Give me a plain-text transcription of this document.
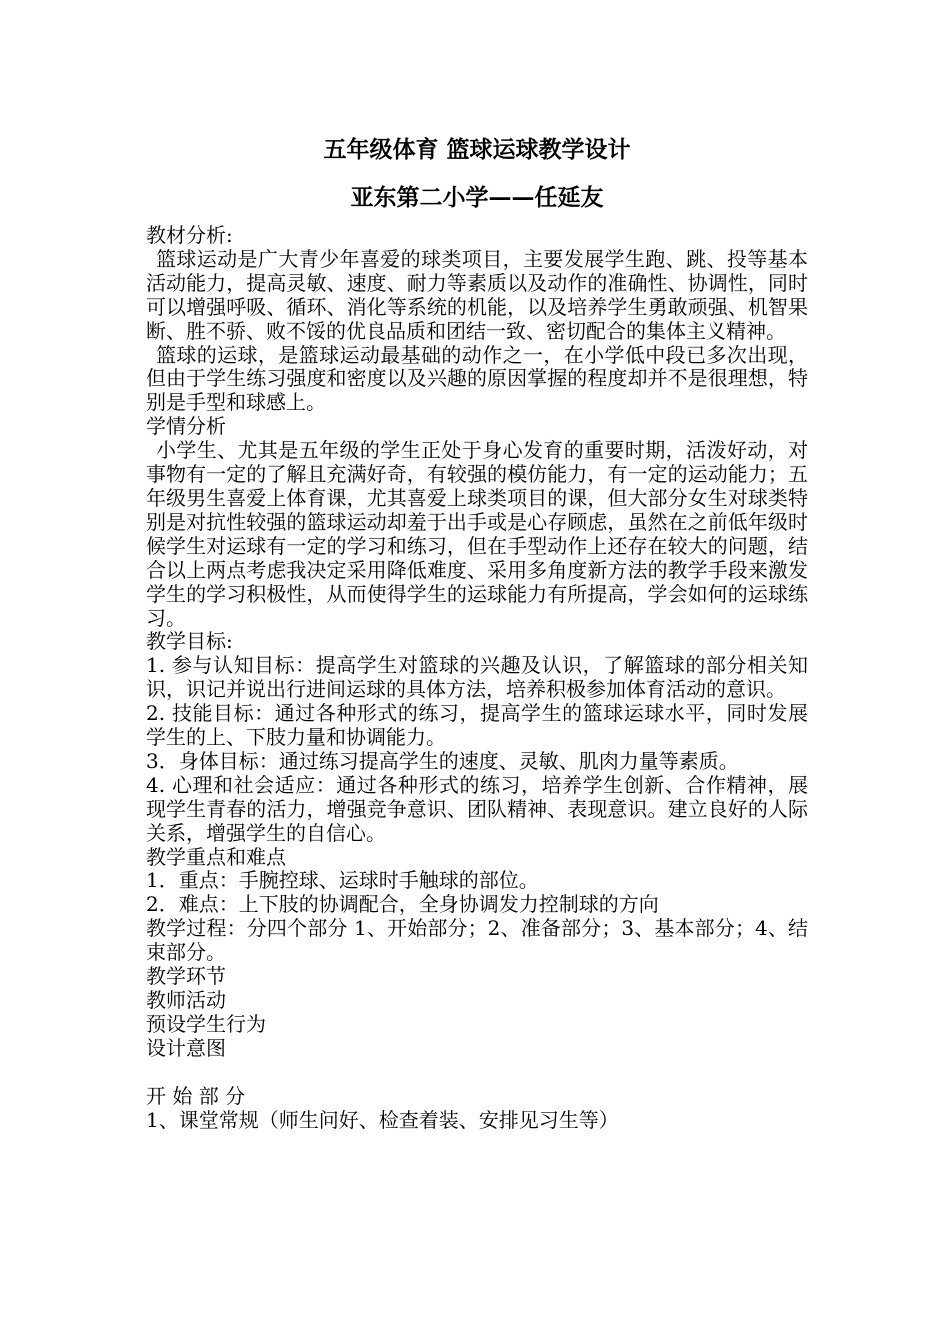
五年级体育 篮球运球教学设计
亚东第二小学——任延友

教材分析:

篮球运动是广大青少年喜爱的球类项目，主要发展学生跑、跳、投等基本活动能力，提高灵敏、速度、耐力等素质以及动作的准确性、协调性，同时可以增强呼吸、循环、消化等系统的机能，以及培养学生勇敢顽强、机智果断、胜不骄、败不馁的优良品质和团结一致、密切配合的集体主义精神。

篮球的运球，是篮球运动最基础的动作之一，在小学低中段已多次出现，但由于学生练习强度和密度以及兴趣的原因掌握的程度却并不是很理想，特别是手型和球感上。

学情分析

小学生、尤其是五年级的学生正处于身心发育的重要时期，活泼好动，对事物有一定的了解且充满好奇，有较强的模仿能力，有一定的运动能力；五年级男生喜爱上体育课，尤其喜爱上球类项目的课，但大部分女生对球类特别是对抗性较强的篮球运动却羞于出手或是心存顾虑，虽然在之前低年级时候学生对运球有一定的学习和练习，但在手型动作上还存在较大的问题，结合以上两点考虑我决定采用降低难度、采用多角度新方法的教学手段来激发学生的学习积极性，从而使得学生的运球能力有所提高，学会如何的运球练习。

教学目标:

1. 参与认知目标：提高学生对篮球的兴趣及认识，了解篮球的部分相关知识，识记并说出行进间运球的具体方法，培养积极参加体育活动的意识。

2. 技能目标：通过各种形式的练习，提高学生的篮球运球水平，同时发展学生的上、下肢力量和协调能力。

3．身体目标：通过练习提高学生的速度、灵敏、肌肉力量等素质。

4. 心理和社会适应：通过各种形式的练习，培养学生创新、合作精神，展现学生青春的活力，增强竞争意识、团队精神、表现意识。建立良好的人际关系，增强学生的自信心。

教学重点和难点

1．重点：手腕控球、运球时手触球的部位。

2．难点：上下肢的协调配合，全身协调发力控制球的方向

教学过程：分四个部分 1、开始部分；2、准备部分；3、基本部分；4、结束部分。

教学环节

教师活动

预设学生行为

设计意图

开 始 部 分

1、课堂常规（师生问好、检查着装、安排见习生等）
